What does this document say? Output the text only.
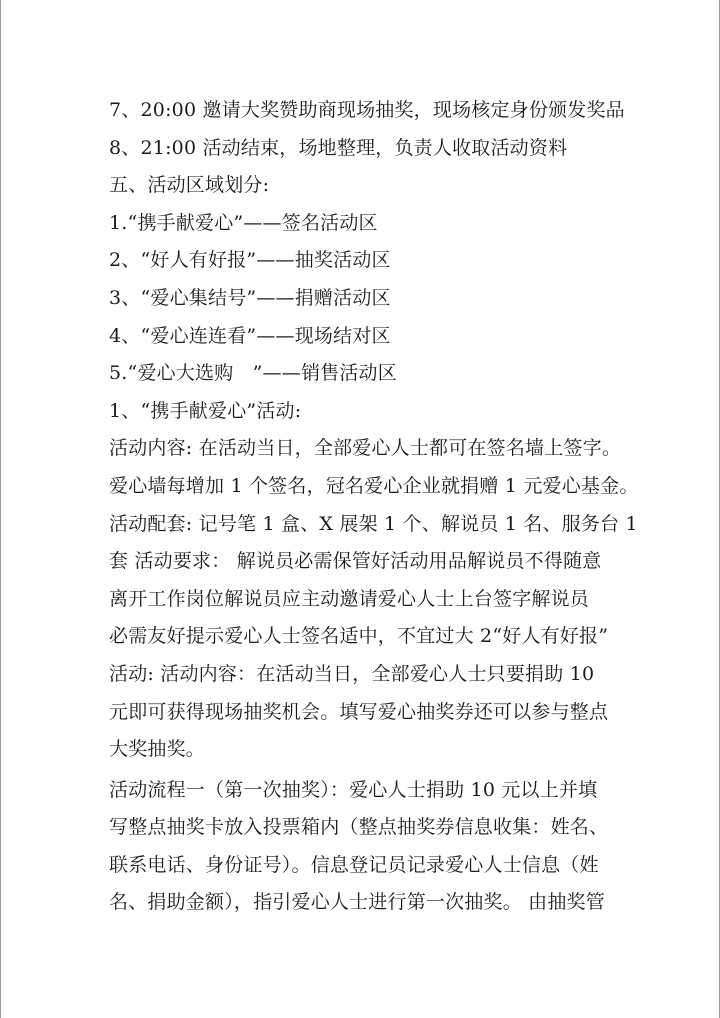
7、20:00 邀请大奖赞助商现场抽奖，现场核定身份颁发奖品
8、21:00 活动结束，场地整理，负责人收取活动资料
五、活动区域划分:
1.“携手献爱心”——签名活动区
2、“好人有好报”——抽奖活动区
3、“爱心集结号”——捐赠活动区
4、“爱心连连看”——现场结对区
5.“爱心大选购　”——销售活动区
1、“携手献爱心”活动:
活动内容: 在活动当日，全部爱心人士都可在签名墙上签字。
爱心墙每增加 1 个签名，冠名爱心企业就捐赠 1 元爱心基金。
活动配套: 记号笔 1 盒、X 展架 1 个、解说员 1 名、服务台 1
套 活动要求： 解说员必需保管好活动用品解说员不得随意
离开工作岗位解说员应主动邀请爱心人士上台签字解说员
必需友好提示爱心人士签名适中，不宜过大 2“好人有好报”
活动: 活动内容：在活动当日，全部爱心人士只要捐助 10
元即可获得现场抽奖机会。填写爱心抽奖券还可以参与整点
大奖抽奖。
活动流程一（第一次抽奖）：爱心人士捐助 10 元以上并填
写整点抽奖卡放入投票箱内（整点抽奖券信息收集：姓名、
联系电话、身份证号）。信息登记员记录爱心人士信息（姓
名、捐助金额），指引爱心人士进行第一次抽奖。 由抽奖管
